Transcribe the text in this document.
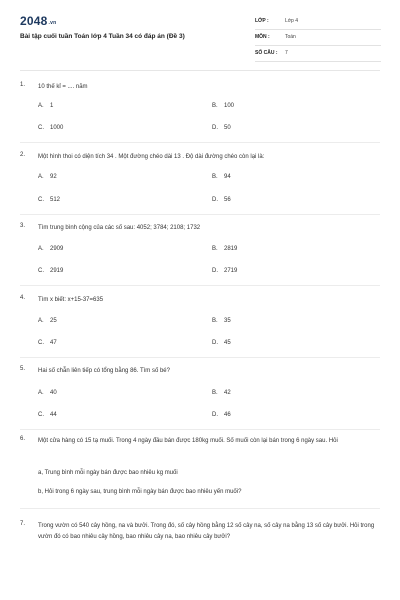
2048.vn
Bài tập cuối tuần Toán lớp 4 Tuần 34 có đáp án (Đề 3)
LỚP :	Lớp 4
MÔN :	Toán
SỐ CÂU : 7
1. 10 thế kỉ = .... năm
A. 1	B. 100
C. 1000	D. 50
2. Một hình thoi có diện tích 34 . Một đường chéo dài 13 . Độ dài đường chéo còn lại là:
A. 92	B. 94
C. 512	D. 56
3. Tìm trung bình cộng của các số sau: 4052; 3784; 2108; 1732
A. 2909	B. 2819
C. 2919	D. 2719
4. Tìm x biết: x+15-37=635
A. 25	B. 35
C. 47	D. 45
5. Hai số chẵn liên tiếp có tổng bằng 86. Tìm số bé?
A. 40	B. 42
C. 44	D. 46
6. Một cửa hàng có 15 tạ muối. Trong 4 ngày đầu bán được 180kg muối. Số muối còn lại bán trong 6 ngày sau. Hỏi
a, Trung bình mỗi ngày bán được bao nhiêu kg muối
b, Hỏi trong 6 ngày sau, trung bình mỗi ngày bán được bao nhiêu yến muối?
7. Trong vườn có 540 cây hồng, na và bưởi. Trong đó, số cây hồng bằng 12 số cây na, số cây na bằng 13 số cây bưởi. Hỏi trong vườn đó có bao nhiêu cây hồng, bao nhiêu cây na, bao nhiêu cây bưởi?
